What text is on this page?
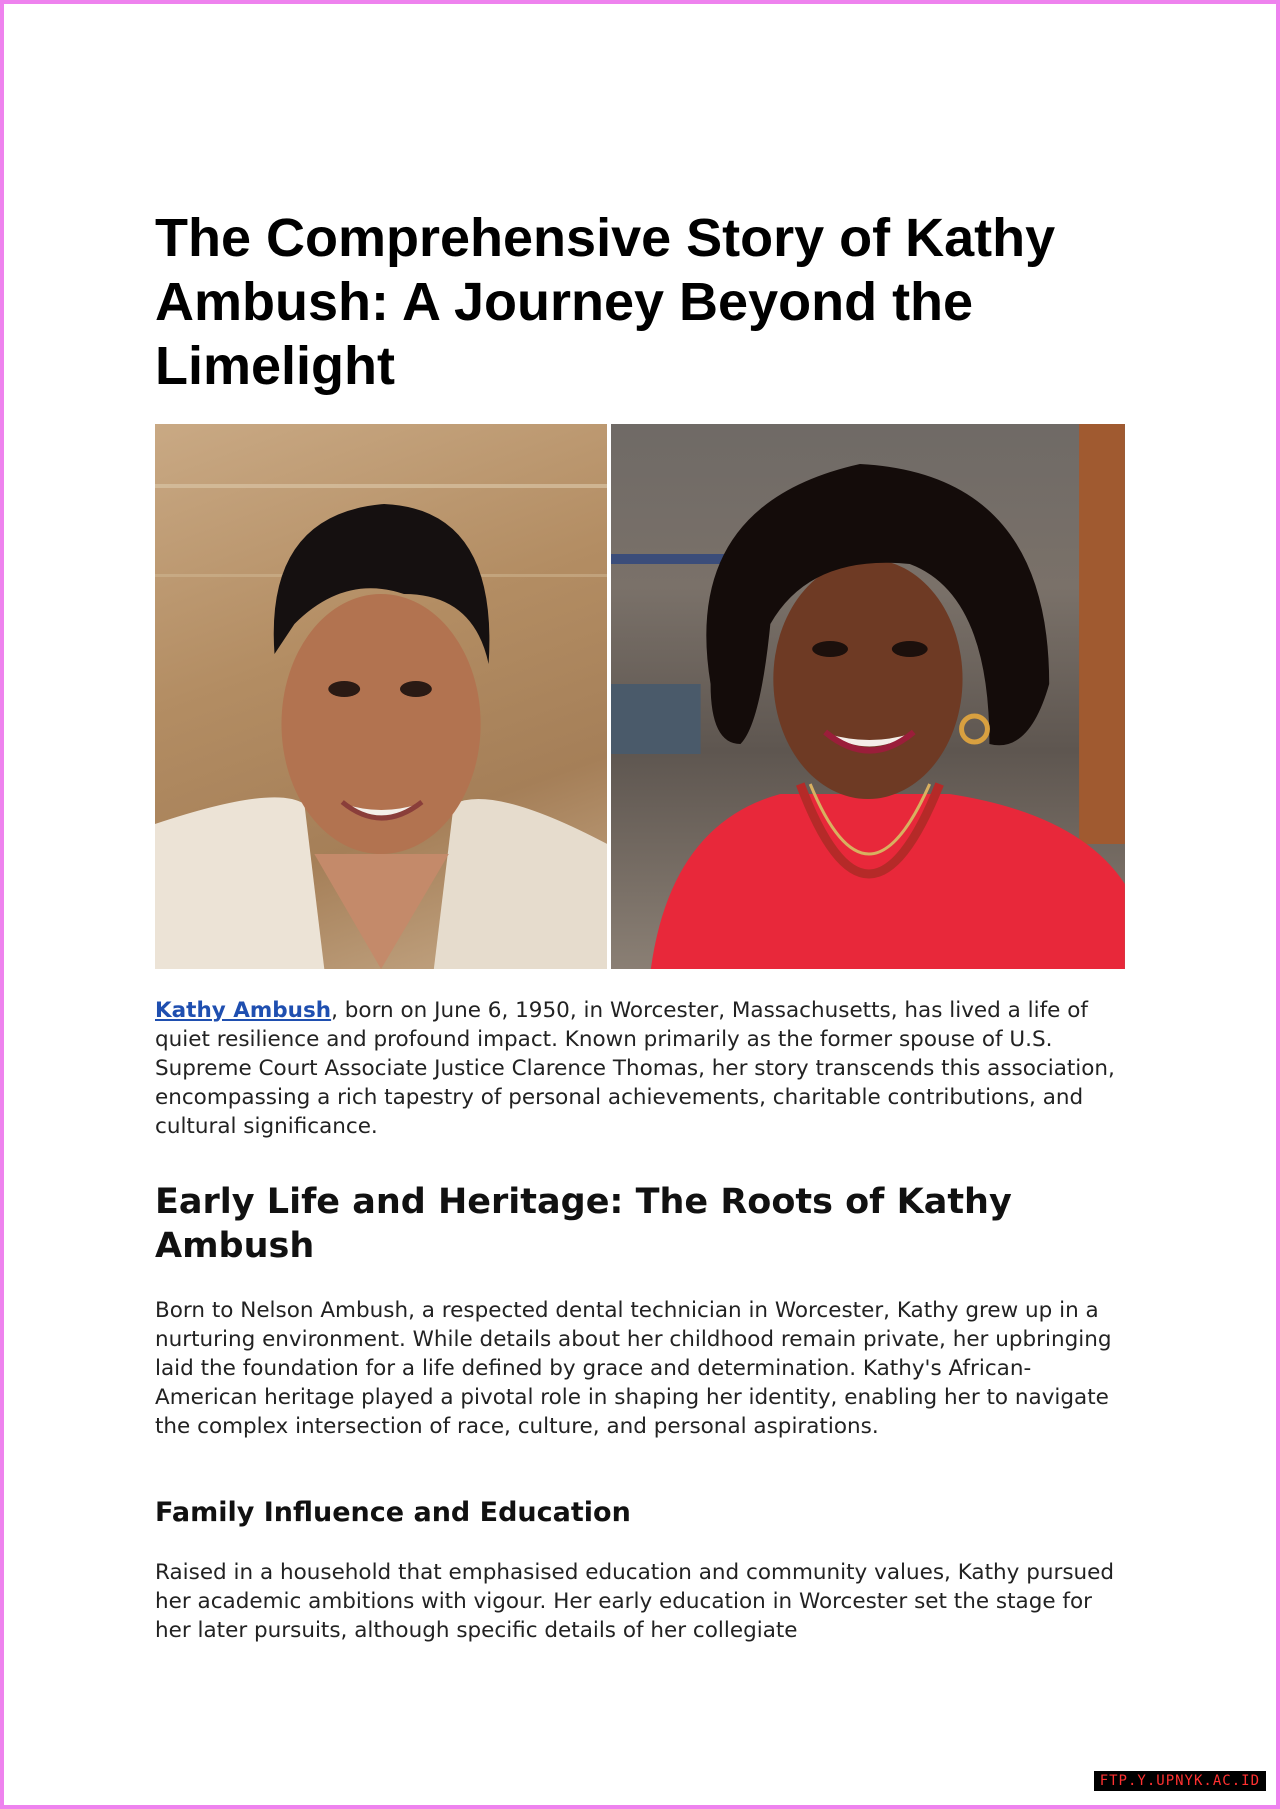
The Comprehensive Story of Kathy Ambush: A Journey Beyond the Limelight

Kathy Ambush, born on June 6, 1950, in Worcester, Massachusetts, has lived a life of quiet resilience and profound impact. Known primarily as the former spouse of U.S. Supreme Court Associate Justice Clarence Thomas, her story transcends this association, encompassing a rich tapestry of personal achievements, charitable contributions, and cultural significance.

Early Life and Heritage: The Roots of Kathy Ambush

Born to Nelson Ambush, a respected dental technician in Worcester, Kathy grew up in a nurturing environment. While details about her childhood remain private, her upbringing laid the foundation for a life defined by grace and determination. Kathy's African-American heritage played a pivotal role in shaping her identity, enabling her to navigate the complex intersection of race, culture, and personal aspirations.

Family Influence and Education

Raised in a household that emphasised education and community values, Kathy pursued her academic ambitions with vigour. Her early education in Worcester set the stage for her later pursuits, although specific details of her collegiate

FTP.Y.UPNYK.AC.ID
